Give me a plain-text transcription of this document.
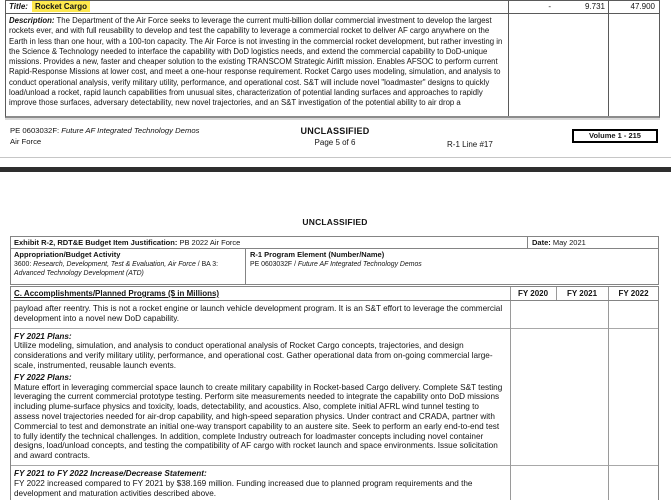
Title: Rocket Cargo	-	9.731	47.900
Description: The Department of the Air Force seeks to leverage the current multi-billion dollar commercial investment to develop the largest rockets ever, and with full reusability to develop and test the capability to leverage a commercial rocket to deliver AF cargo anywhere on the Earth in less than one hour, with a 100-ton capacity. The Air Force is not investing in the commercial rocket development, but rather investing in the Science & Technology needed to interface the capability with DoD logistics needs, and extend the commercial capability to DoD-unique missions. Provides a new, faster and cheaper solution to the existing TRANSCOM Strategic Airlift mission. Enables AFSOC to perform current Rapid-Response Missions at lower cost, and meet a one-hour response requirement. Rocket Cargo uses modeling, simulation, and analysis to conduct operational analysis, verify military utility, performance, and operational cost. S&T will include novel "loadmaster" designs to quickly load/unload a rocket, rapid launch capabilities from unusual sites, characterization of potential landing surfaces and approaches to rapidly improve those surfaces, adversary detectability, new novel trajectories, and an S&T investigation of the potential ability to air drop a
PE 0603032F: Future AF Integrated Technology Demos
Air Force
UNCLASSIFIED
Page 5 of 6	R-1 Line #17
Volume 1 - 215
UNCLASSIFIED
Exhibit R-2, RDT&E Budget Item Justification: PB 2022 Air Force	Date: May 2021
Appropriation/Budget Activity
3600: Research, Development, Test & Evaluation, Air Force / BA 3: Advanced Technology Development (ATD)
R-1 Program Element (Number/Name)
PE 0603032F / Future AF Integrated Technology Demos
C. Accomplishments/Planned Programs ($ in Millions)	FY 2020	FY 2021	FY 2022
payload after reentry. This is not a rocket engine or launch vehicle development program. It is an S&T effort to leverage the commercial development into a novel new DoD capability.
FY 2021 Plans:
Utilize modeling, simulation, and analysis to conduct operational analysis of Rocket Cargo concepts, trajectories, and design considerations and verify military utility, performance, and operational cost. Gather operational data from on-going commercial large-scale, instrumented, reusable launch events.
FY 2022 Plans:
Mature effort in leveraging commercial space launch to create military capability in Rocket-based Cargo delivery. Complete S&T testing leveraging the current commercial prototype testing. Perform site measurements needed to integrate the capability onto DoD missions including plume-surface physics and toxicity, loads, detectability, and acoustics. Also, complete initial AFRL wind tunnel testing to assess novel trajectories needed for air-drop capability, and high-speed separation physics. Under contract and CRADA, partner with Commercial to test and demonstrate an initial one-way transport capability to an austere site. Seek to perform an early end-to-end test to fully identify the technical challenges. In addition, complete Industry outreach for loadmaster concepts including novel container designs, load/unload concepts, and testing the compatibility of AF cargo with rocket launch and space environments. Issue solicitation and award contracts.
FY 2021 to FY 2022 Increase/Decrease Statement:
FY 2022 increased compared to FY 2021 by $38.169 million. Funding increased due to planned program requirements and the development and maturation activities described above.
